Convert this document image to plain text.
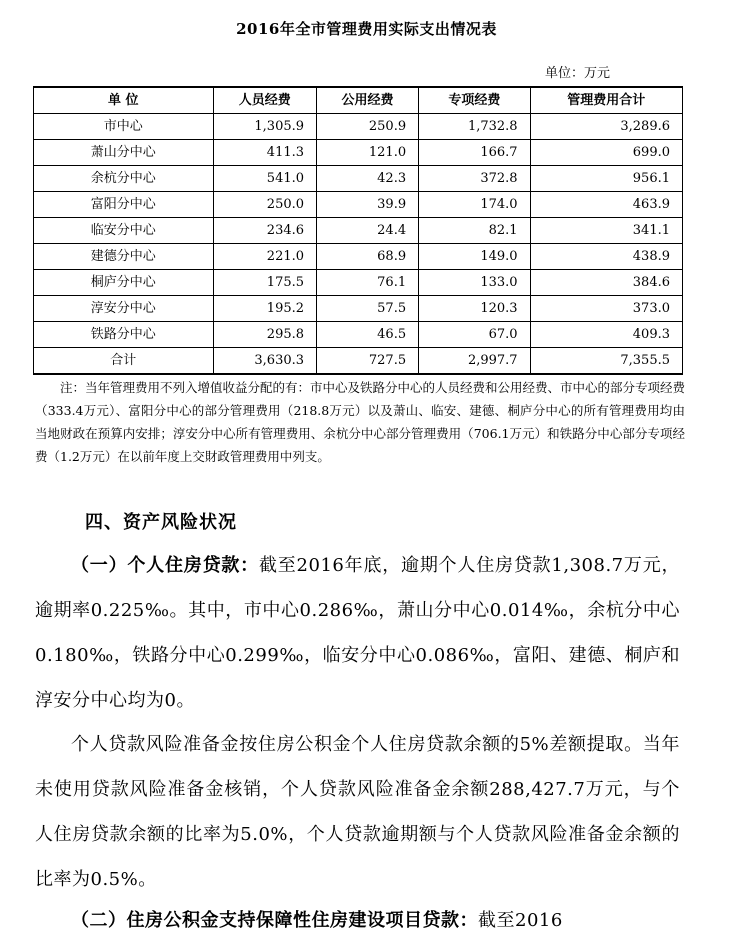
2016年全市管理费用实际支出情况表
单位：万元
单 位	人员经费	公用经费	专项经费	管理费用合计
市中心	1,305.9	250.9	1,732.8	3,289.6
萧山分中心	411.3	121.0	166.7	699.0
余杭分中心	541.0	42.3	372.8	956.1
富阳分中心	250.0	39.9	174.0	463.9
临安分中心	234.6	24.4	82.1	341.1
建德分中心	221.0	68.9	149.0	438.9
桐庐分中心	175.5	76.1	133.0	384.6
淳安分中心	195.2	57.5	120.3	373.0
铁路分中心	295.8	46.5	67.0	409.3
合计	3,630.3	727.5	2,997.7	7,355.5
注：当年管理费用不列入增值收益分配的有：市中心及铁路分中心的人员经费和公用经费、市中心的部分专项经费（333.4万元）、富阳分中心的部分管理费用（218.8万元）以及萧山、临安、建德、桐庐分中心的所有管理费用均由当地财政在预算内安排；淳安分中心所有管理费用、余杭分中心部分管理费用（706.1万元）和铁路分中心部分专项经费（1.2万元）在以前年度上交財政管理费用中列支。
四、资产风险状况
（一）个人住房贷款：截至2016年底，逾期个人住房贷款1,308.7万元，逾期率0.225‰。其中，市中心0.286‰，萧山分中心0.014‰，余杭分中心0.180‰，铁路分中心0.299‰，临安分中心0.086‰，富阳、建德、桐庐和淳安分中心均为0。
个人贷款风险准备金按住房公积金个人住房贷款余额的5%差额提取。当年未使用贷款风险准备金核销，个人贷款风险准备金余额288,427.7万元，与个人住房贷款余额的比率为5.0%，个人贷款逾期额与个人贷款风险准备金余额的比率为0.5%。
（二）住房公积金支持保障性住房建设项目贷款：截至2016
